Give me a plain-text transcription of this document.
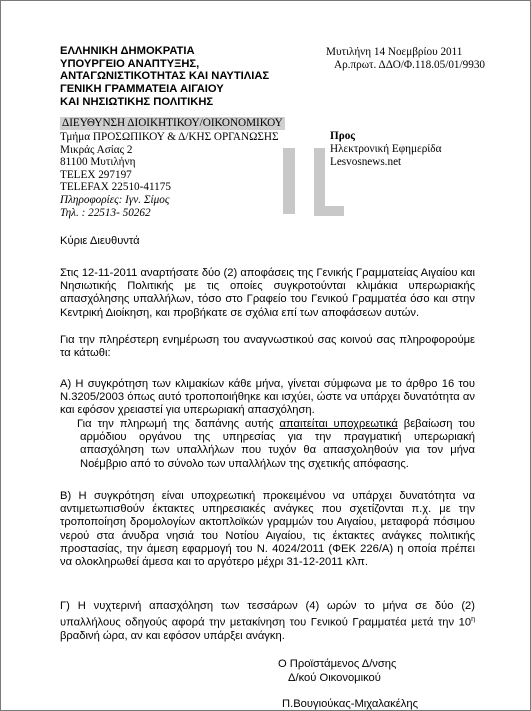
ΕΛΛΗΝΙΚΗ ΔΗΜΟΚΡΑΤΙΑ
ΥΠΟΥΡΓΕΙΟ ΑΝΑΠΤΥΞΗΣ,
ΑΝΤΑΓΩΝΙΣΤΙΚΟΤΗΤΑΣ ΚΑΙ ΝΑΥΤΙΛΙΑΣ
ΓΕΝΙΚΗ ΓΡΑΜΜΑΤΕΙΑ ΑΙΓΑΙΟΥ
ΚΑΙ ΝΗΣΙΩΤΙΚΗΣ ΠΟΛΙΤΙΚΗΣ
ΔΙΕΥΘΥΝΣΗ ΔΙΟΙΚΗΤΙΚΟΥ/ΟΙΚΟΝΟΜΙΚΟΥ
Τμήμα ΠΡΟΣΩΠΙΚΟΥ & Δ/ΚΗΣ ΟΡΓΑΝΩΣΗΣ
Μικράς Ασίας 2
81100 Μυτιλήνη
TELEX 297197
TELEFAX 22510-41175
Πληροφορίες: Ιγν. Σίμος
Τηλ. : 22513- 50262
Μυτιλήνη 14 Νοεμβρίου 2011
Αρ.πρωτ. ΔΔΟ/Φ.118.05/01/9930
Προς
Ηλεκτρονική Εφημερίδα
Lesvosnews.net
Κύριε Διευθυντά
Στις 12-11-2011 αναρτήσατε δύο (2) αποφάσεις της Γενικής Γραμματείας Αιγαίου και Νησιωτικής Πολιτικής με τις οποίες συγκροτούνται κλιμάκια υπερωριακής απασχόλησης υπαλλήλων, τόσο στο Γραφείο του Γενικού Γραμματέα όσο και στην Κεντρική Διοίκηση, και προβήκατε σε σχόλια επί των αποφάσεων αυτών.
Για την πληρέστερη ενημέρωση του αναγνωστικού σας κοινού σας πληροφορούμε τα κάτωθι:
Α) Η συγκρότηση των κλιμακίων κάθε μήνα, γίνεται σύμφωνα με το άρθρο 16 του Ν.3205/2003 όπως αυτό τροποποιήθηκε και ισχύει, ώστε να υπάρχει δυνατότητα αν και εφόσον χρειαστεί για υπερωριακή απασχόληση.
Για την πληρωμή της δαπάνης αυτής απαιτείται υποχρεωτικά βεβαίωση του αρμόδιου οργάνου της υπηρεσίας για την πραγματική υπερωριακή απασχόληση των υπαλλήλων που τυχόν θα απασχοληθούν για τον μήνα Νοέμβριο από το σύνολο των υπαλλήλων της σχετικής απόφασης.
Β) Η συγκρότηση είναι υποχρεωτική προκειμένου να υπάρχει δυνατότητα να αντιμετωπισθούν έκτακτες υπηρεσιακές ανάγκες που σχετίζονται π.χ. με την τροποποίηση δρομολογίων ακτοπλοϊκών γραμμών του Αιγαίου, μεταφορά πόσιμου νερού στα άνυδρα νησιά του Νοτίου Αιγαίου, τις έκτακτες ανάγκες πολιτικής προστασίας, την άμεση εφαρμογή του Ν. 4024/2011 (ΦΕΚ 226/Α) η οποία πρέπει να ολοκληρωθεί άμεσα και το αργότερο μέχρι 31-12-2011 κλπ.
Γ) Η νυχτερινή απασχόληση των τεσσάρων (4) ωρών το μήνα σε δύο (2) υπαλλήλους οδηγούς αφορά την μετακίνηση του Γενικού Γραμματέα μετά την $10^\eta$ βραδινή ώρα, αν και εφόσον υπάρξει ανάγκη.
Ο Προϊστάμενος Δ/νσης
Δ/κού Οικονομικού
Π.Βουγιούκας-Μιχαλακέλης
